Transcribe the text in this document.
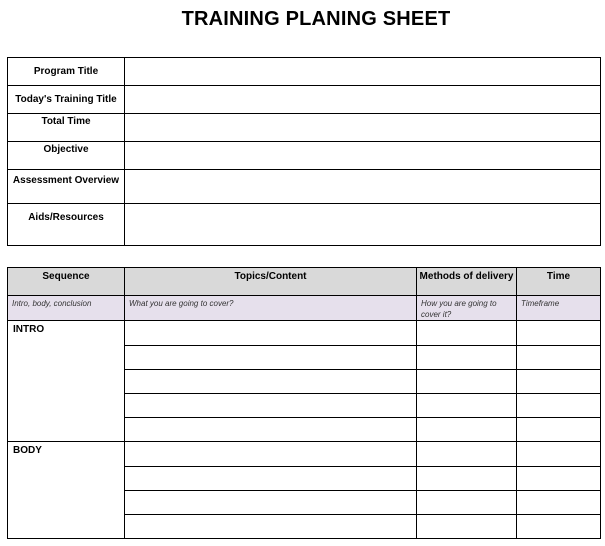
TRAINING PLANING SHEET
Program Title	
Today's Training Title	
Total Time	
Objective	
Assessment Overview	
Aids/Resources	
Sequence	Topics/Content	Methods of delivery	Time
Intro, body, conclusion	What you are going to cover?	How you are going to cover it?	Timeframe
INTRO			

BODY			
